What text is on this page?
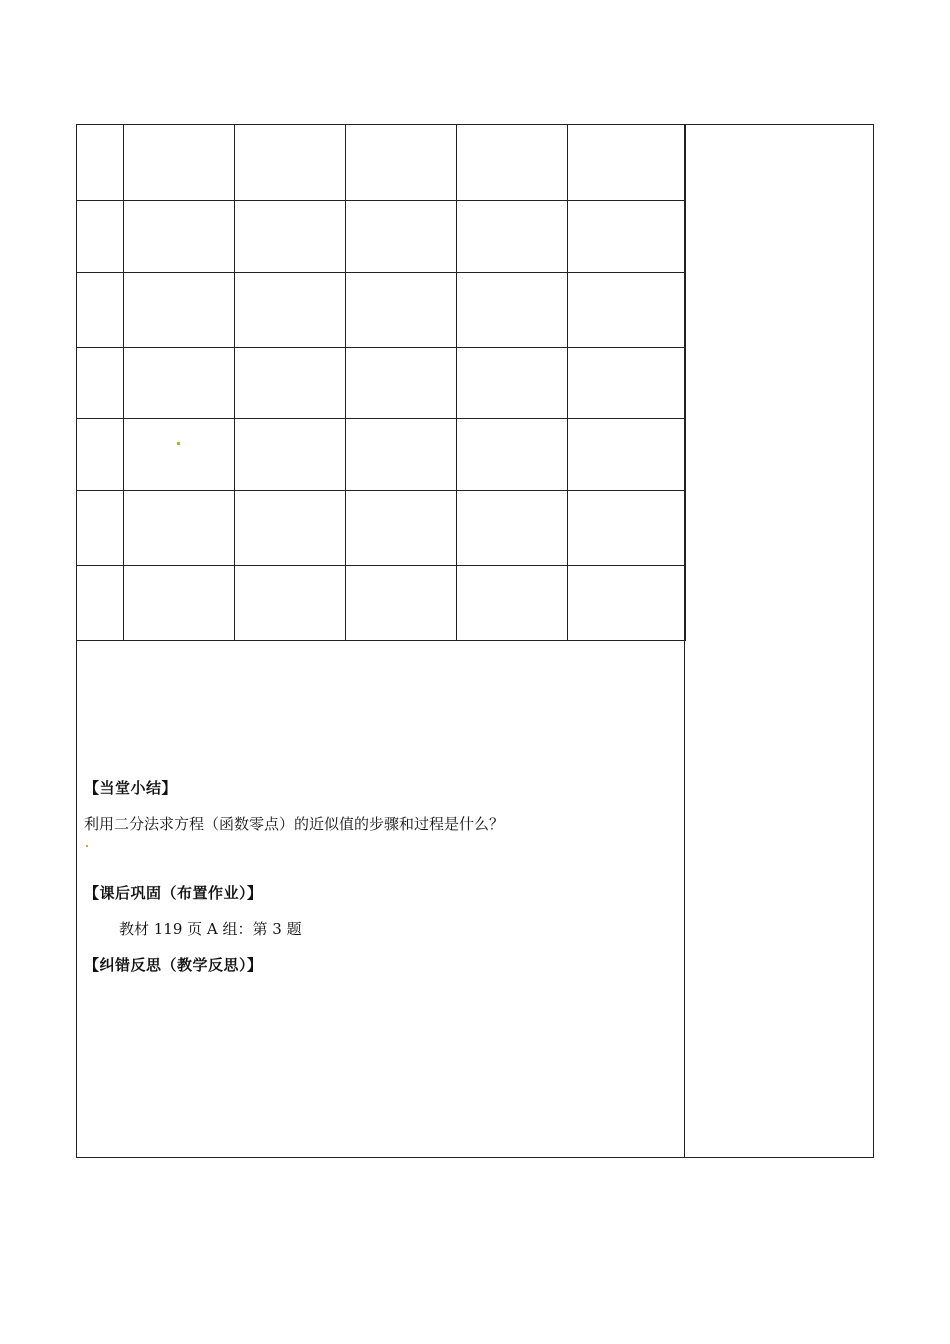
【当堂小结】
利用二分法求方程（函数零点）的近似值的步骤和过程是什么？
【课后巩固（布置作业）】
教材 119 页 A 组：第 3 题
【纠错反思（教学反思）】
